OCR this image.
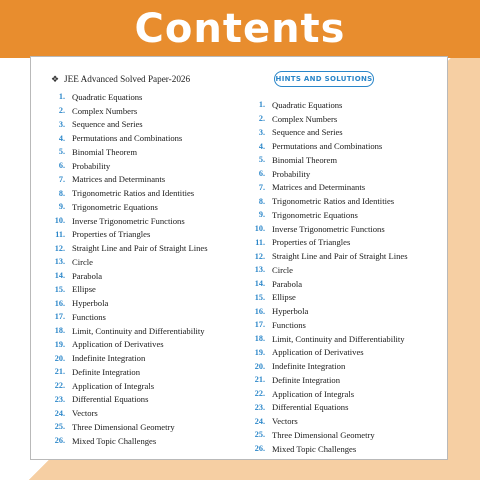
Contents
❖ JEE Advanced Solved Paper-2026
1. Quadratic Equations
2. Complex Numbers
3. Sequence and Series
4. Permutations and Combinations
5. Binomial Theorem
6. Probability
7. Matrices and Determinants
8. Trigonometric Ratios and Identities
9. Trigonometric Equations
10. Inverse Trigonometric Functions
11. Properties of Triangles
12. Straight Line and Pair of Straight Lines
13. Circle
14. Parabola
15. Ellipse
16. Hyperbola
17. Functions
18. Limit, Continuity and Differentiability
19. Application of Derivatives
20. Indefinite Integration
21. Definite Integration
22. Application of Integrals
23. Differential Equations
24. Vectors
25. Three Dimensional Geometry
26. Mixed Topic Challenges
HINTS AND SOLUTIONS
1. Quadratic Equations
2. Complex Numbers
3. Sequence and Series
4. Permutations and Combinations
5. Binomial Theorem
6. Probability
7. Matrices and Determinants
8. Trigonometric Ratios and Identities
9. Trigonometric Equations
10. Inverse Trigonometric Functions
11. Properties of Triangles
12. Straight Line and Pair of Straight Lines
13. Circle
14. Parabola
15. Ellipse
16. Hyperbola
17. Functions
18. Limit, Continuity and Differentiability
19. Application of Derivatives
20. Indefinite Integration
21. Definite Integration
22. Application of Integrals
23. Differential Equations
24. Vectors
25. Three Dimensional Geometry
26. Mixed Topic Challenges
